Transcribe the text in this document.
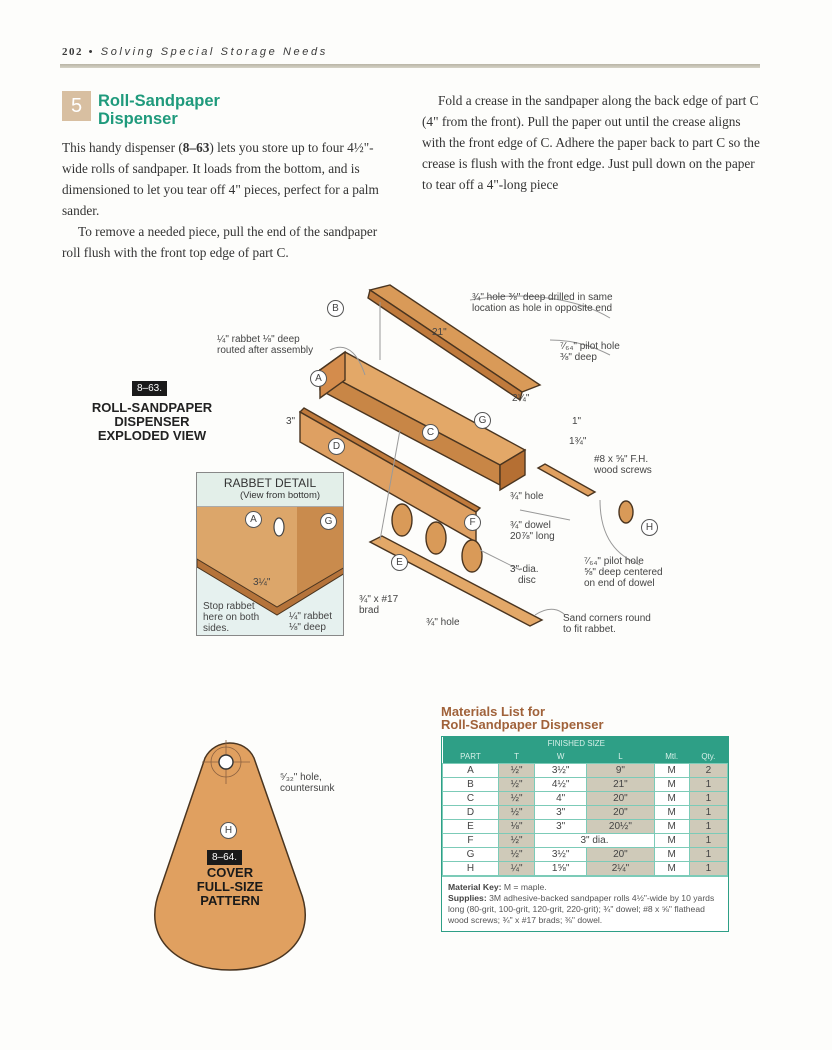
202 • Solving Special Storage Needs
5 Roll-Sandpaper
Dispenser

This handy dispenser (8–63) lets you store up to four 4½"-wide rolls of sandpaper. It loads from the bottom, and is dimensioned to let you tear off 4" pieces, perfect for a palm sander.

To remove a needed piece, pull the end of the sandpaper roll flush with the front top edge of part C.

Fold a crease in the sandpaper along the back edge of part C (4" from the front). Pull the paper out until the crease aligns with the front edge of C. Adhere the paper back to part C so the crease is flush with the front edge. Just pull down on the paper to tear off a 4"-long piece

8–63.
ROLL-SANDPAPER
DISPENSER
EXPLODED VIEW
B
A
D
C
G
F
E
H
¼" rabbet ⅛" deep
routed after assembly
¾" hole ⅜" deep drilled in same
location as hole in opposite end
⁷⁄₆₄" pilot hole
⅜" deep
21"
2¼"
1"
1¾"
3"
#8 x ⅝" F.H.
wood screws
¾" hole
¾" dowel
20⅞" long
3"-dia.
disc
⁷⁄₆₄" pilot hole
⅝" deep centered
on end of dowel
Sand corners round
to fit rabbet.
¾" hole
¾" x #17
brad
RABBET DETAIL
(View from bottom)
A	G
3¼"
Stop rabbet
here on both
sides.
¼" rabbet
⅛" deep
⁵⁄₃₂" hole,
countersunk
H
8–64.
COVER
FULL-SIZE
PATTERN
Materials List for
Roll-Sandpaper Dispenser
	FINISHED SIZE				
PART	T	W	L	Mtl.	Qty.
A	½"	3½"	9"	M	2
B	½"	4½"	21"	M	1
C	½"	4"	20"	M	1
D	½"	3"	20"	M	1
E	⅛"	3"	20½"	M	1
F	½"	3" dia.		M	1
G	½"	3½"	20"	M	1
H	¼"	1⅝"	2¼"	M	1
Material Key: M = maple.
Supplies: 3M adhesive-backed sandpaper rolls 4½"-wide by 10 yards long (80-grit, 100-grit, 120-grit, 220-grit); ¾" dowel; #8 x ⅝" flathead wood screws; ¾" x #17 brads; ⅜" dowel.
